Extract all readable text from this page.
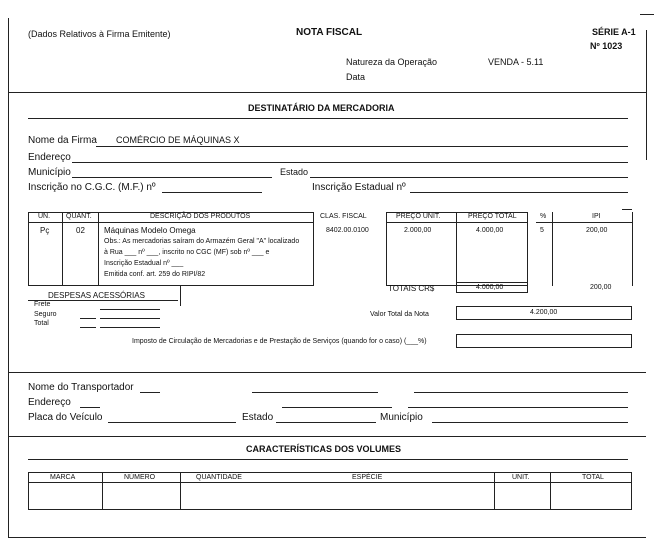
(Dados Relativos à Firma Emitente)	NOTA FISCAL	SÉRIE A-1
Nº 1023
Natureza da Operação	VENDA - 5.11
Data
DESTINATÁRIO DA MERCADORIA
Nome da Firma COMÉRCIO DE MÁQUINAS X
Endereço
Município	Estado
Inscrição no C.G.C. (M.F.) nº	Inscrição Estadual nº
UN. QUANT.	DESCRIÇÃO DOS PRODUTOS	CLAS. FISCAL	PREÇO UNIT.	PREÇO TOTAL	%	IPI
Pç	02 Máquinas Modelo Omega	8402.00.0100	2.000,00	4.000,00	5	200,00
Obs.: As mercadorias saíram do Armazém Geral "A" localizado
à Rua ___ nº ___, inscrito no CGC (MF) sob nº ___ e
Inscrição Estadual nº ___
Emitida conf. art. 259 do RIPI/82
TOTAIS CR$	4.000,00	200,00
DESPESAS ACESSÓRIAS
Frete
Seguro
Total
Valor Total da Nota	4.200,00
Imposto de Circulação de Mercadorias e de Prestação de Serviços (quando for o caso) (___%)
Nome do Transportador
Endereço
Placa do Veículo	Estado	Município
CARACTERÍSTICAS DOS VOLUMES
MARCA	NÚMERO	QUANTIDADE	ESPÉCIE	UNIT.	TOTAL
